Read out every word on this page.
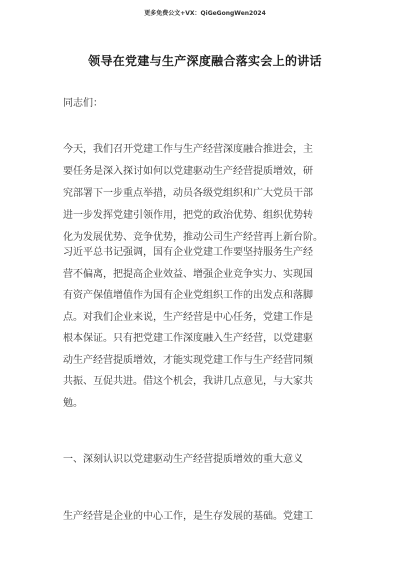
更多免费公文+VX：QiGeGongWen2024
领导在党建与生产深度融合落实会上的讲话
同志们：
今天，我们召开党建工作与生产经营深度融合推进会，主
要任务是深入探讨如何以党建驱动生产经营提质增效，研
究部署下一步重点举措，动员各级党组织和广大党员干部
进一步发挥党建引领作用，把党的政治优势、组织优势转
化为发展优势、竞争优势，推动公司生产经营再上新台阶。
习近平总书记强调，国有企业党建工作要坚持服务生产经
营不偏离，把提高企业效益、增强企业竞争实力、实现国
有资产保值增值作为国有企业党组织工作的出发点和落脚
点。对我们企业来说，生产经营是中心任务，党建工作是
根本保证。只有把党建工作深度融入生产经营，以党建驱
动生产经营提质增效，才能实现党建工作与生产经营同频
共振、互促共进。借这个机会，我讲几点意见，与大家共
勉。
一、深刻认识以党建驱动生产经营提质增效的重大意义
生产经营是企业的中心工作，是生存发展的基础。党建工
